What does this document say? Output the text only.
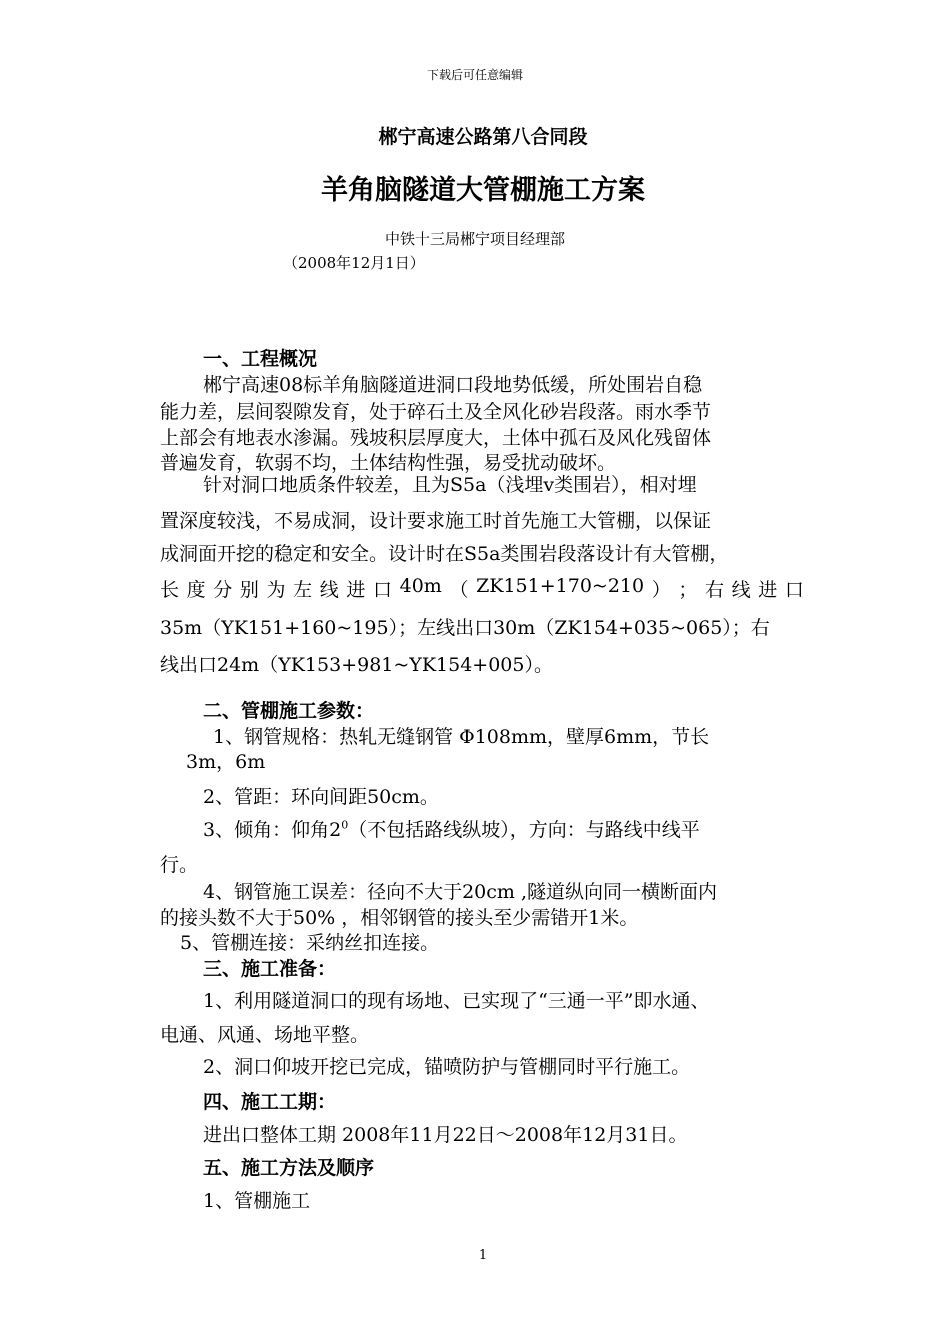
下载后可任意编辑
郴宁高速公路第八合同段
羊角脑隧道大管棚施工方案
中铁十三局郴宁项目经理部
（2008年12月1日）
一、工程概况
郴宁高速08标羊角脑隧道进洞口段地势低缓，所处围岩自稳
能力差，层间裂隙发育，处于碎石土及全风化砂岩段落。雨水季节
上部会有地表水渗漏。残坡积层厚度大，土体中孤石及风化残留体
普遍发育，软弱不均，土体结构性强，易受扰动破坏。
针对洞口地质条件较差，且为S5a（浅埋ⅴ类围岩），相对埋
置深度较浅，不易成洞，设计要求施工时首先施工大管棚，以保证
成洞面开挖的稳定和安全。设计时在S5a类围岩段落设计有大管棚，
长 度 分 别 为 左 线 进 口 40m （ ZK151+170~210 ） ； 右 线 进 口
35m（YK151+160~195）；左线出口30m（ZK154+035~065）；右
线出口24m（YK153+981~YK154+005）。
二、管棚施工参数：
1、钢管规格：热轧无缝钢管 Φ108mm，壁厚6mm，节长
3m，6m
2、管距：环向间距50cm。
3、倾角：仰角$2^0$（不包括路线纵坡），方向：与路线中线平
行。
4、钢管施工误差：径向不大于20cm ,隧道纵向同一横断面内
的接头数不大于50% ，相邻钢管的接头至少需错开1米。
5、管棚连接：采纳丝扣连接。
三、施工准备：
1、利用隧道洞口的现有场地、已实现了“三通一平”即水通、
电通、风通、场地平整。
2、洞口仰坡开挖已完成，锚喷防护与管棚同时平行施工。
四、施工工期：
进出口整体工期 2008年11月22日～2008年12月31日。
五、施工方法及顺序
1、管棚施工
1
